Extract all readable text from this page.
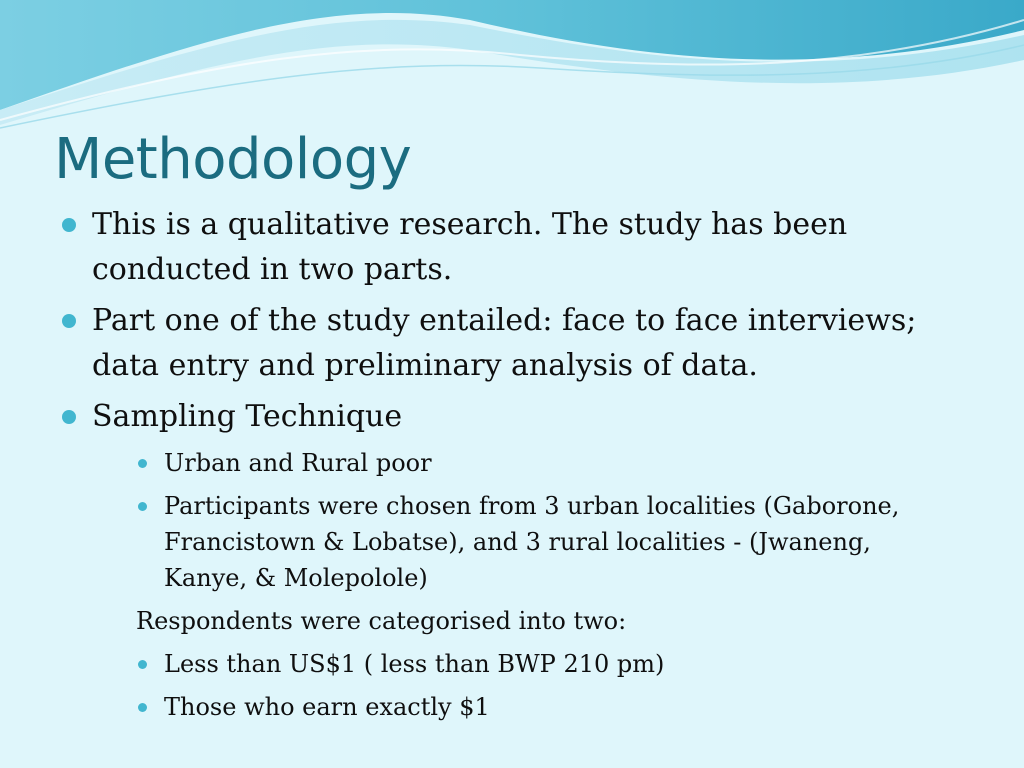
Methodology
This is a qualitative research. The study has been conducted in two parts.
Part one of the study entailed: face to face interviews; data entry and preliminary analysis of data.
Sampling Technique
Urban and Rural poor
Participants were chosen from 3 urban localities (Gaborone, Francistown & Lobatse), and 3 rural localities - (Jwaneng, Kanye, & Molepolole)
Respondents were categorised into two:
Less than US$1 ( less than BWP 210 pm)
Those who earn exactly $1
